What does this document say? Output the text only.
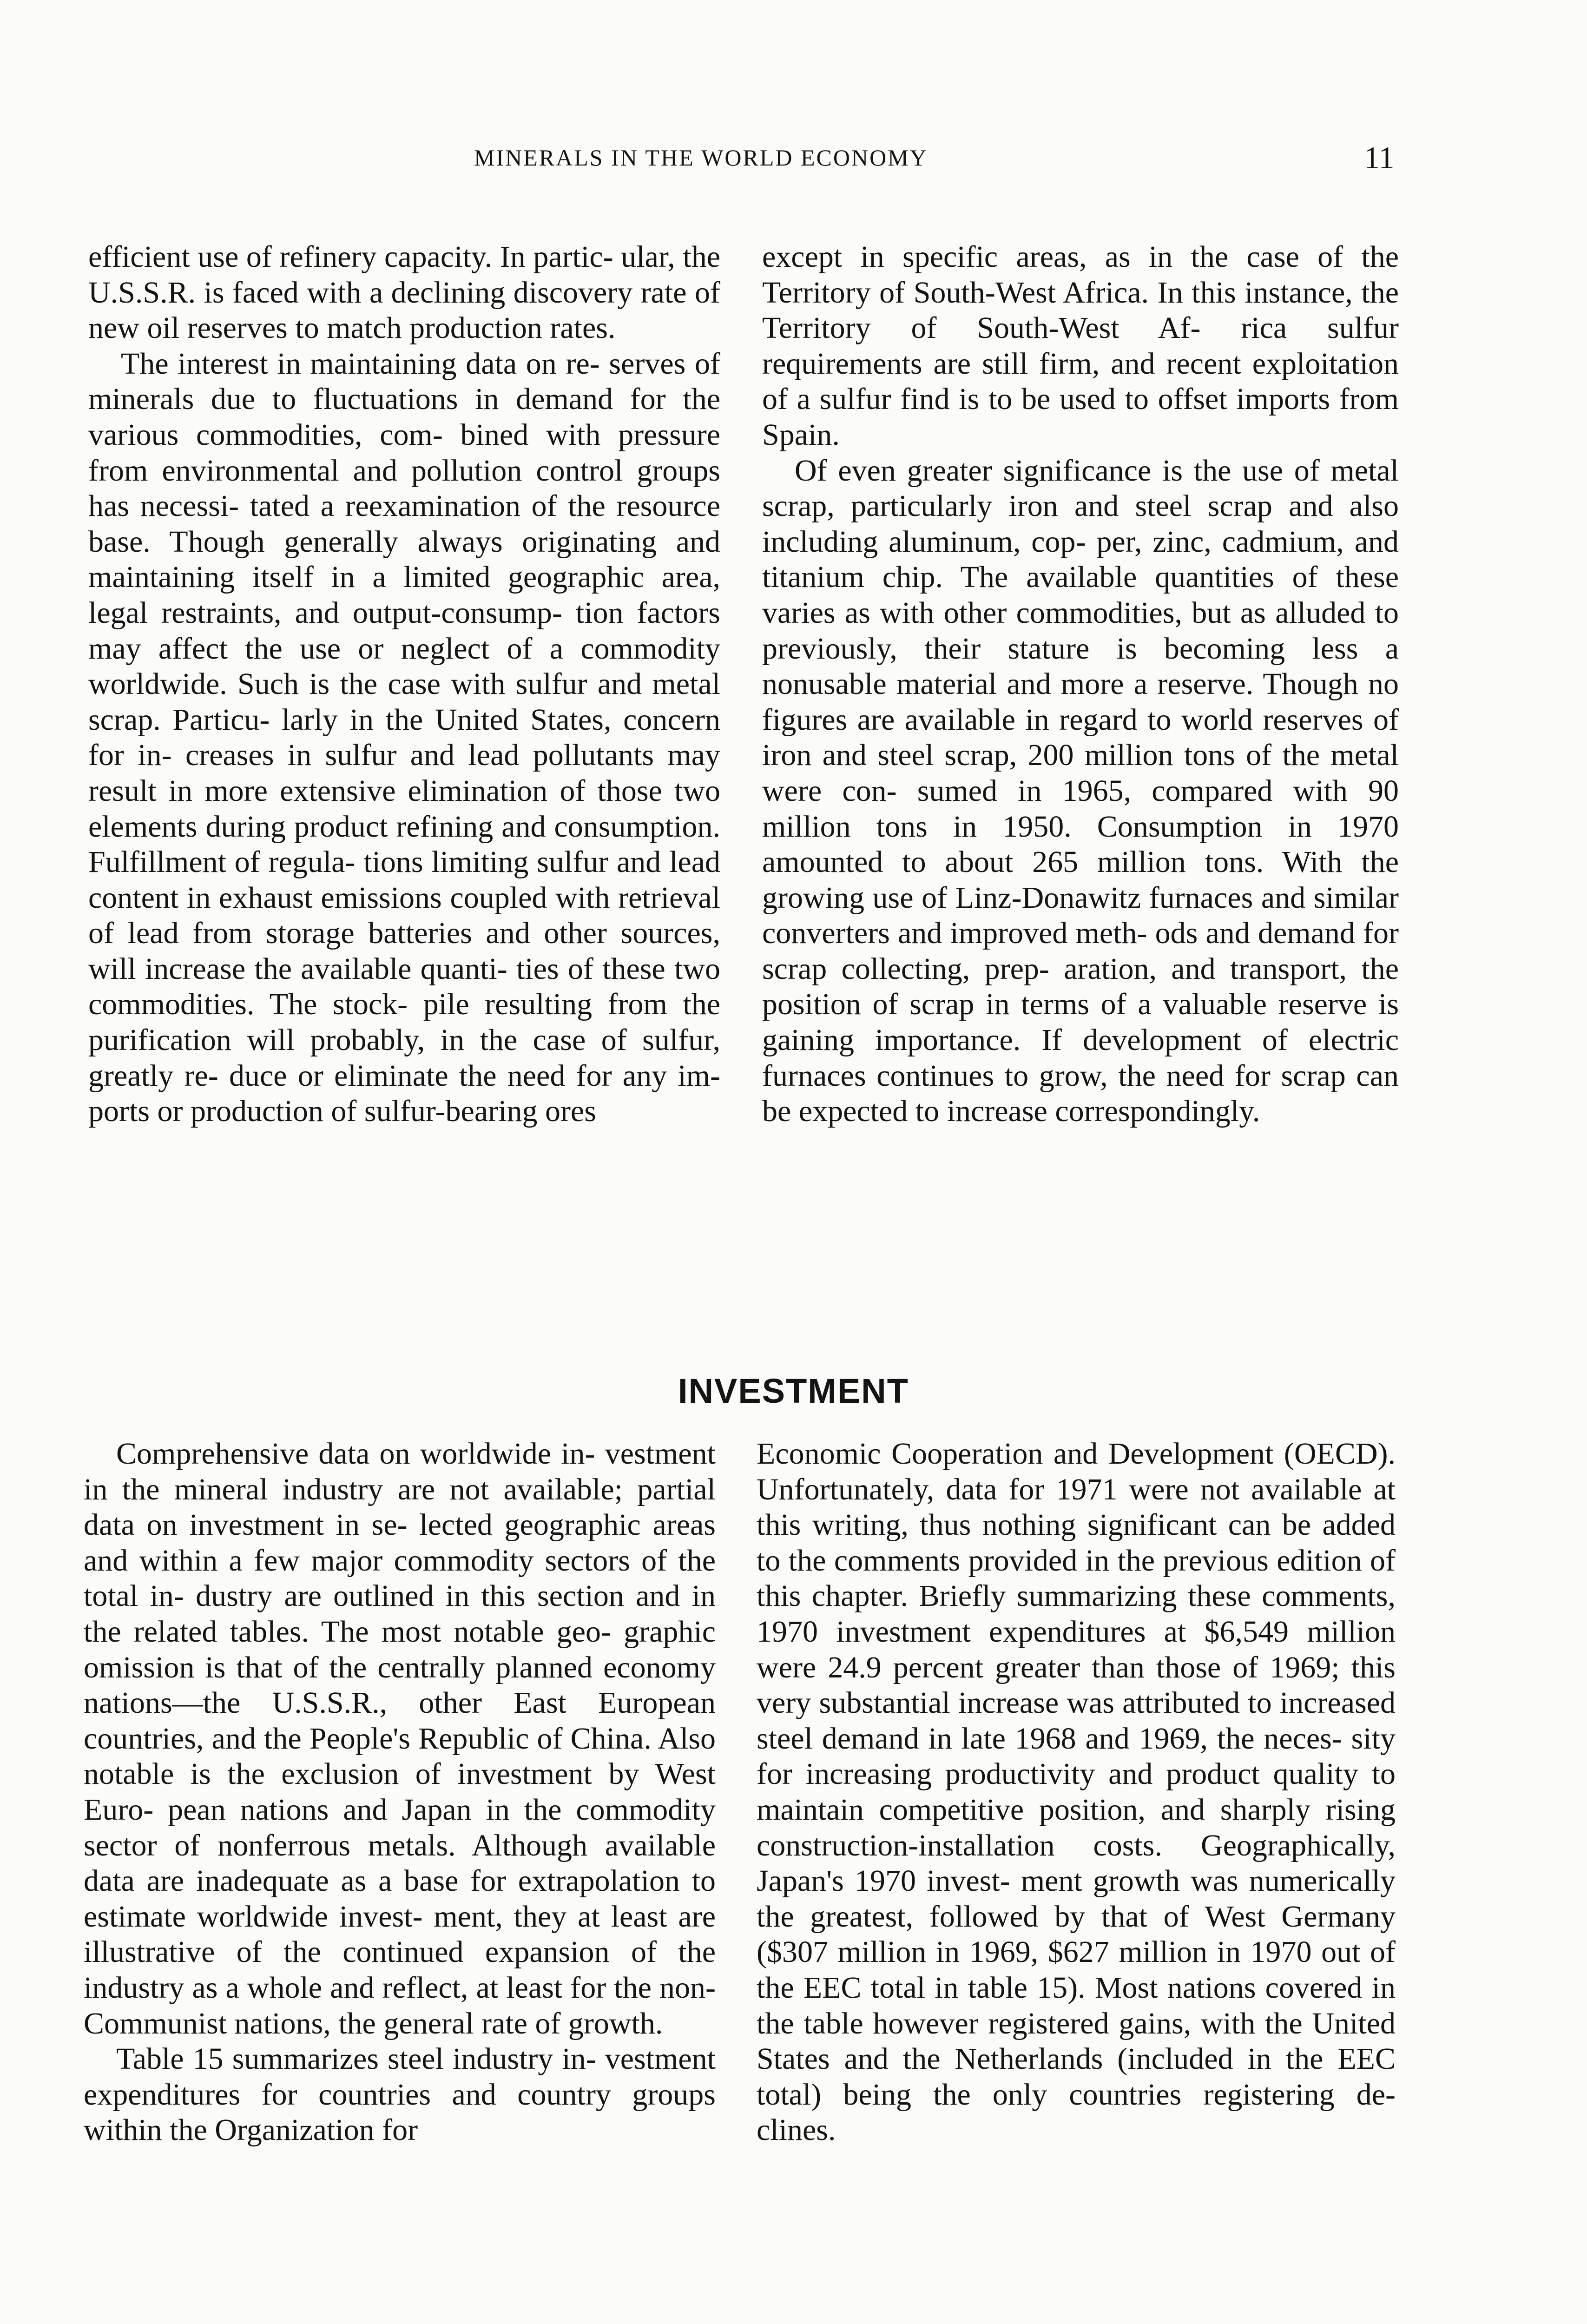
MINERALS IN THE WORLD ECONOMY	11

efficient use of refinery capacity. In partic- ular, the U.S.S.R. is faced with a declining discovery rate of new oil reserves to match production rates.

The interest in maintaining data on re- serves of minerals due to fluctuations in demand for the various commodities, com- bined with pressure from environmental and pollution control groups has necessi- tated a reexamination of the resource base. Though generally always originating and maintaining itself in a limited geographic area, legal restraints, and output-consump- tion factors may affect the use or neglect of a commodity worldwide. Such is the case with sulfur and metal scrap. Particu- larly in the United States, concern for in- creases in sulfur and lead pollutants may result in more extensive elimination of those two elements during product refining and consumption. Fulfillment of regula- tions limiting sulfur and lead content in exhaust emissions coupled with retrieval of lead from storage batteries and other sources, will increase the available quanti- ties of these two commodities. The stock- pile resulting from the purification will probably, in the case of sulfur, greatly re- duce or eliminate the need for any im- ports or production of sulfur-bearing ores

except in specific areas, as in the case of the Territory of South-West Africa. In this instance, the Territory of South-West Af- rica sulfur requirements are still firm, and recent exploitation of a sulfur find is to be used to offset imports from Spain.

Of even greater significance is the use of metal scrap, particularly iron and steel scrap and also including aluminum, cop- per, zinc, cadmium, and titanium chip. The available quantities of these varies as with other commodities, but as alluded to previously, their stature is becoming less a nonusable material and more a reserve. Though no figures are available in regard to world reserves of iron and steel scrap, 200 million tons of the metal were con- sumed in 1965, compared with 90 million tons in 1950. Consumption in 1970 amounted to about 265 million tons. With the growing use of Linz-Donawitz furnaces and similar converters and improved meth- ods and demand for scrap collecting, prep- aration, and transport, the position of scrap in terms of a valuable reserve is gaining importance. If development of electric furnaces continues to grow, the need for scrap can be expected to increase correspondingly.

INVESTMENT

Comprehensive data on worldwide in- vestment in the mineral industry are not available; partial data on investment in se- lected geographic areas and within a few major commodity sectors of the total in- dustry are outlined in this section and in the related tables. The most notable geo- graphic omission is that of the centrally planned economy nations—the U.S.S.R., other East European countries, and the People's Republic of China. Also notable is the exclusion of investment by West Euro- pean nations and Japan in the commodity sector of nonferrous metals. Although available data are inadequate as a base for extrapolation to estimate worldwide invest- ment, they at least are illustrative of the continued expansion of the industry as a whole and reflect, at least for the non- Communist nations, the general rate of growth.

Table 15 summarizes steel industry in- vestment expenditures for countries and country groups within the Organization for

Economic Cooperation and Development (OECD). Unfortunately, data for 1971 were not available at this writing, thus nothing significant can be added to the comments provided in the previous edition of this chapter. Briefly summarizing these comments, 1970 investment expenditures at $6,549 million were 24.9 percent greater than those of 1969; this very substantial increase was attributed to increased steel demand in late 1968 and 1969, the neces- sity for increasing productivity and product quality to maintain competitive position, and sharply rising construction-installation costs. Geographically, Japan's 1970 invest- ment growth was numerically the greatest, followed by that of West Germany ($307 million in 1969, $627 million in 1970 out of the EEC total in table 15). Most nations covered in the table however registered gains, with the United States and the Netherlands (included in the EEC total) being the only countries registering de- clines.
